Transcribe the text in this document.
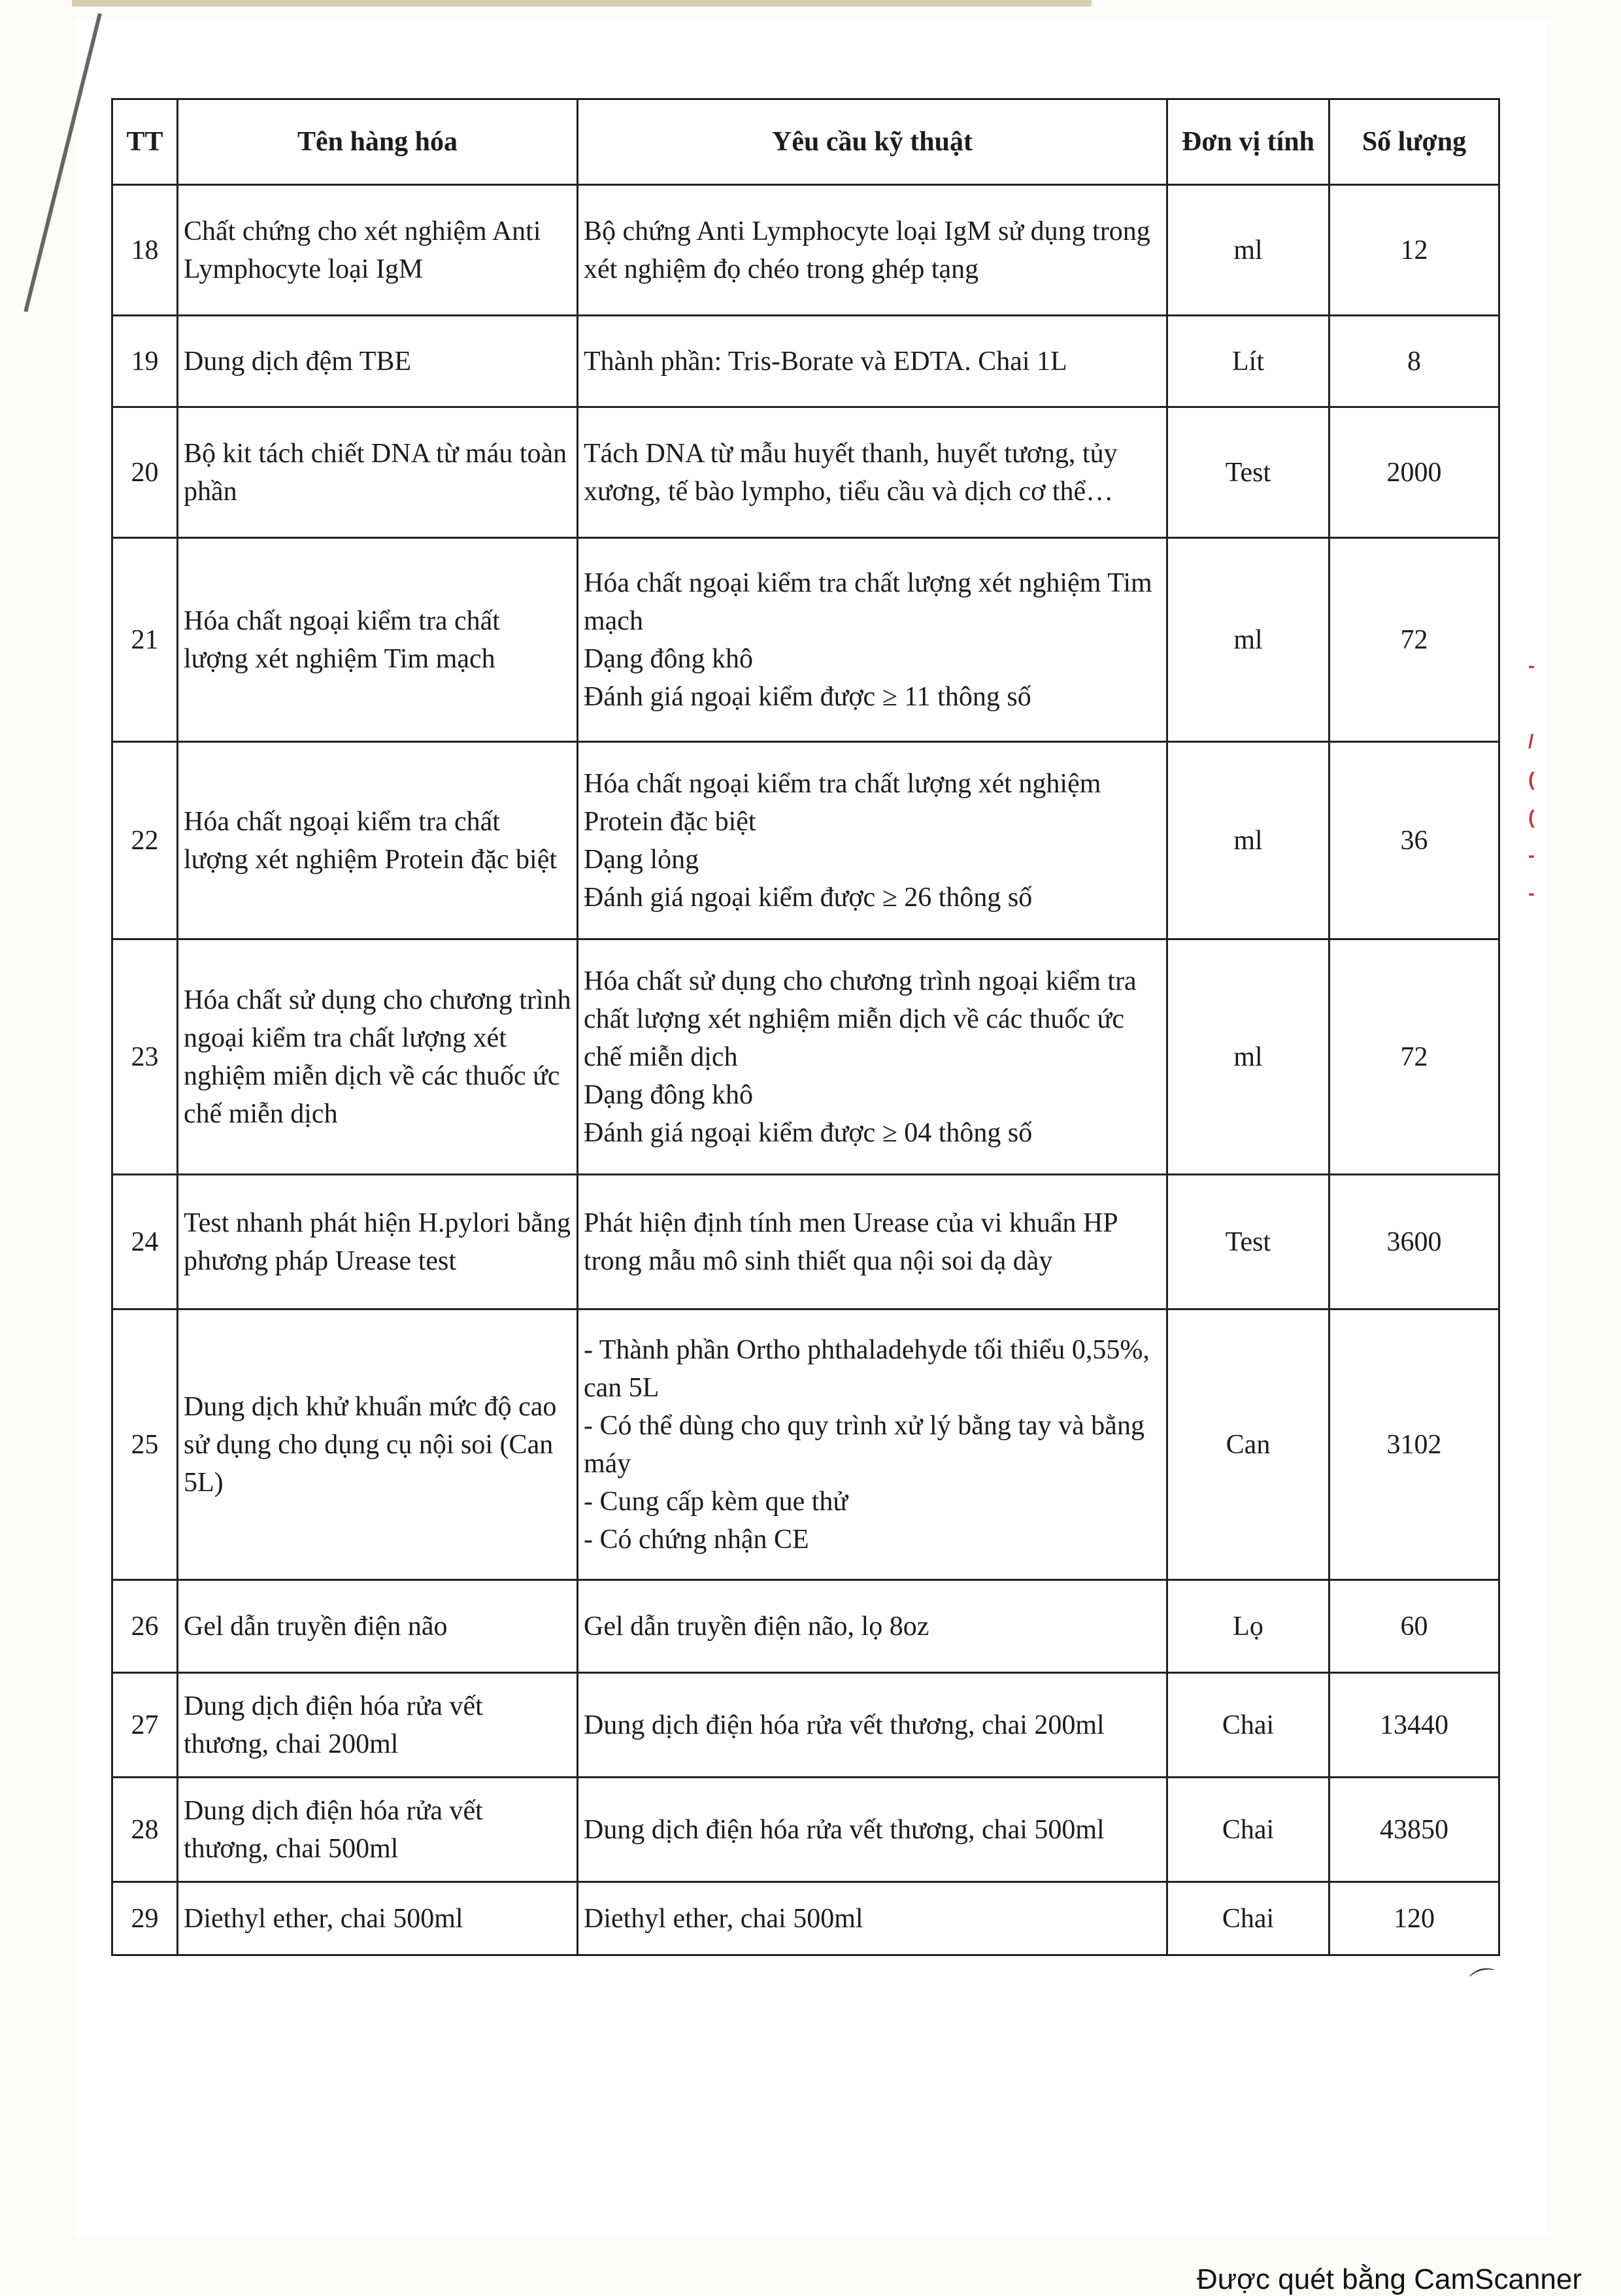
TT	Tên hàng hóa	Yêu cầu kỹ thuật	Đơn vị tính	Số lượng
18	Chất chứng cho xét nghiệm Anti Lymphocyte loại IgM	Bộ chứng Anti Lymphocyte loại IgM sử dụng trong xét nghiệm đọ chéo trong ghép tạng	ml	12
19	Dung dịch đệm TBE	Thành phần: Tris-Borate và EDTA. Chai 1L	Lít	8
20	Bộ kit tách chiết DNA từ máu toàn phần	Tách DNA từ mẫu huyết thanh, huyết tương, tủy xương, tế bào lympho, tiểu cầu và dịch cơ thể…	Test	2000
21	Hóa chất ngoại kiểm tra chất lượng xét nghiệm Tim mạch	Hóa chất ngoại kiểm tra chất lượng xét nghiệm Tim mạch
Dạng đông khô
Đánh giá ngoại kiểm được ≥ 11 thông số	ml	72
22	Hóa chất ngoại kiểm tra chất lượng xét nghiệm Protein đặc biệt	Hóa chất ngoại kiểm tra chất lượng xét nghiệm Protein đặc biệt
Dạng lỏng
Đánh giá ngoại kiểm được ≥ 26 thông số	ml	36
23	Hóa chất sử dụng cho chương trình ngoại kiểm tra chất lượng xét nghiệm miễn dịch về các thuốc ức chế miễn dịch	Hóa chất sử dụng cho chương trình ngoại kiểm tra chất lượng xét nghiệm miễn dịch về các thuốc ức chế miễn dịch
Dạng đông khô
Đánh giá ngoại kiểm được ≥ 04 thông số	ml	72
24	Test nhanh phát hiện H.pylori bằng phương pháp Urease test	Phát hiện định tính men Urease của vi khuẩn HP trong mẫu mô sinh thiết qua nội soi dạ dày	Test	3600
25	Dung dịch khử khuẩn mức độ cao sử dụng cho dụng cụ nội soi (Can 5L)	- Thành phần Ortho phthaladehyde tối thiểu 0,55%, can 5L
- Có thể dùng cho quy trình xử lý bằng tay và bằng máy
- Cung cấp kèm que thử
- Có chứng nhận CE	Can	3102
26	Gel dẫn truyền điện não	Gel dẫn truyền điện não, lọ 8oz	Lọ	60
27	Dung dịch điện hóa rửa vết thương, chai 200ml	Dung dịch điện hóa rửa vết thương, chai 200ml	Chai	13440
28	Dung dịch điện hóa rửa vết thương, chai 500ml	Dung dịch điện hóa rửa vết thương, chai 500ml	Chai	43850
29	Diethyl ether, chai 500ml	Diethyl ether, chai 500ml	Chai	120
-

/
(
(
-
-
⌒
Được quét bằng CamScanner
